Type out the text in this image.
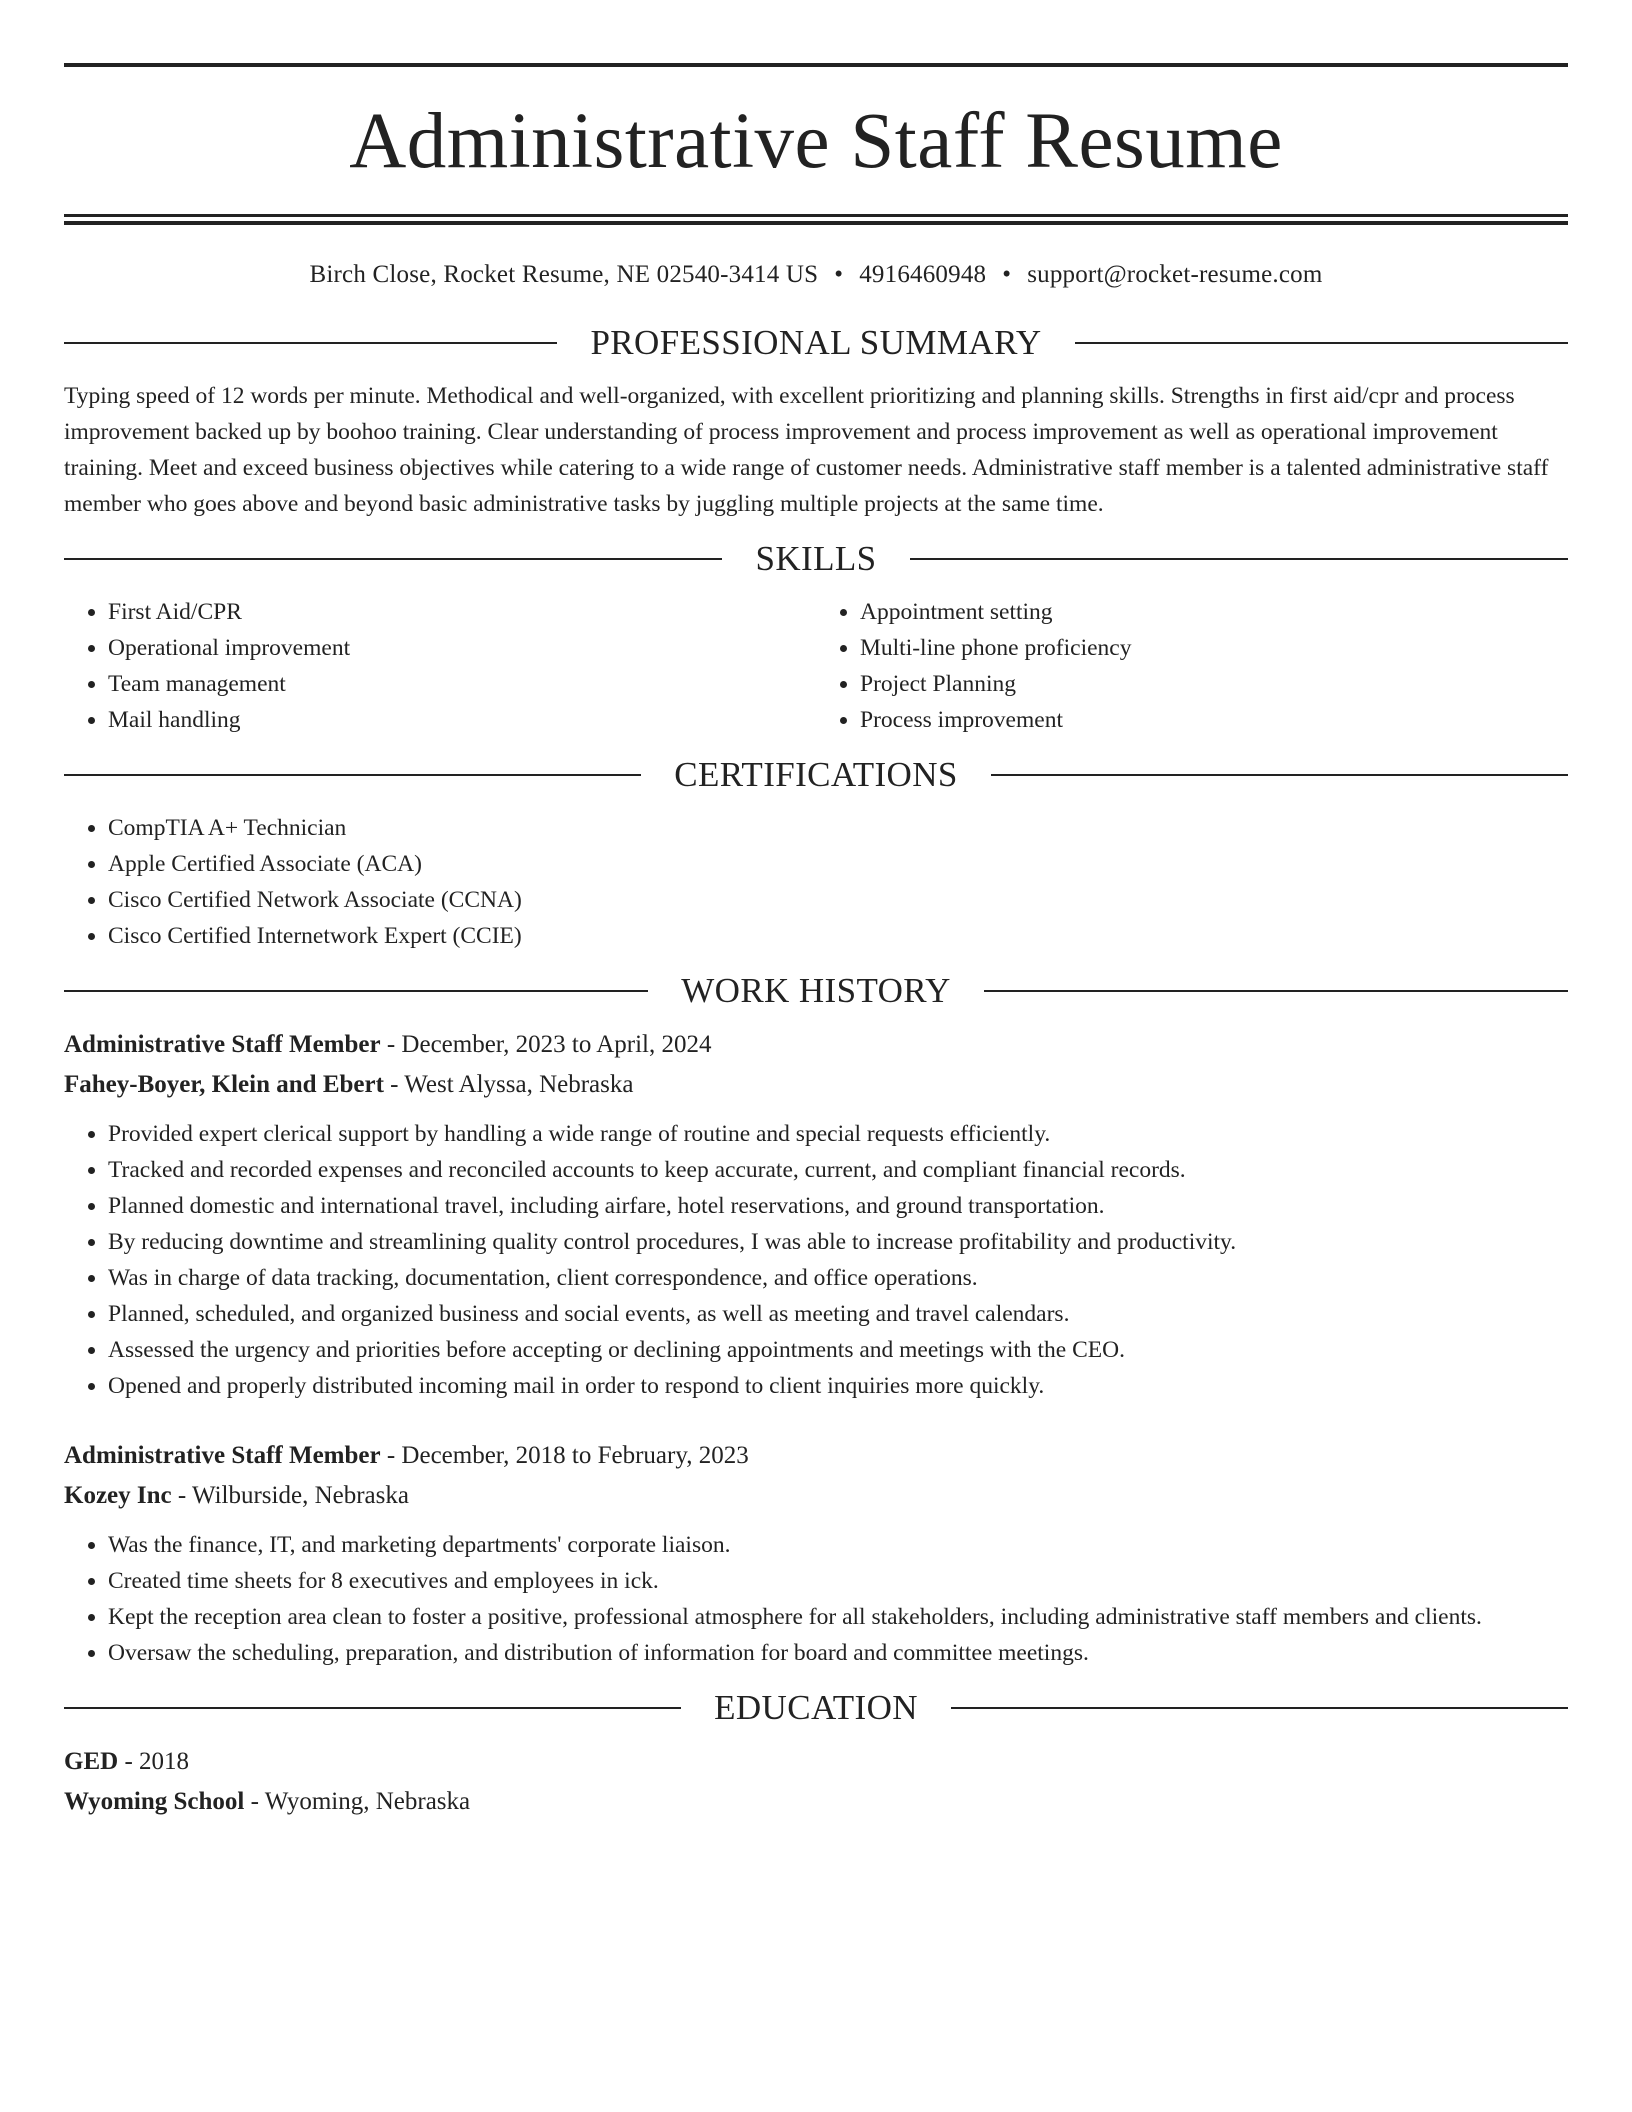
Administrative Staff Resume
Birch Close, Rocket Resume, NE 02540-3414 US • 4916460948 • support@rocket-resume.com
PROFESSIONAL SUMMARY

Typing speed of 12 words per minute. Methodical and well-organized, with excellent prioritizing and planning skills. Strengths in first aid/cpr and process improvement backed up by boohoo training. Clear understanding of process improvement and process improvement as well as operational improvement training. Meet and exceed business objectives while catering to a wide range of customer needs. Administrative staff member is a talented administrative staff member who goes above and beyond basic administrative tasks by juggling multiple projects at the same time.

SKILLS
• First Aid/CPR
• Operational improvement
• Team management
• Mail handling
• Appointment setting
• Multi-line phone proficiency
• Project Planning
• Process improvement
CERTIFICATIONS
• CompTIA A+ Technician
• Apple Certified Associate (ACA)
• Cisco Certified Network Associate (CCNA)
• Cisco Certified Internetwork Expert (CCIE)
WORK HISTORY
Administrative Staff Member - December, 2023 to April, 2024
Fahey-Boyer, Klein and Ebert - West Alyssa, Nebraska
• Provided expert clerical support by handling a wide range of routine and special requests efficiently.
• Tracked and recorded expenses and reconciled accounts to keep accurate, current, and compliant financial records.
• Planned domestic and international travel, including airfare, hotel reservations, and ground transportation.
• By reducing downtime and streamlining quality control procedures, I was able to increase profitability and productivity.
• Was in charge of data tracking, documentation, client correspondence, and office operations.
• Planned, scheduled, and organized business and social events, as well as meeting and travel calendars.
• Assessed the urgency and priorities before accepting or declining appointments and meetings with the CEO.
• Opened and properly distributed incoming mail in order to respond to client inquiries more quickly.
Administrative Staff Member - December, 2018 to February, 2023
Kozey Inc - Wilburside, Nebraska
• Was the finance, IT, and marketing departments' corporate liaison.
• Created time sheets for 8 executives and employees in ick.
• Kept the reception area clean to foster a positive, professional atmosphere for all stakeholders, including administrative staff members and clients.
• Oversaw the scheduling, preparation, and distribution of information for board and committee meetings.
EDUCATION
GED - 2018
Wyoming School - Wyoming, Nebraska
